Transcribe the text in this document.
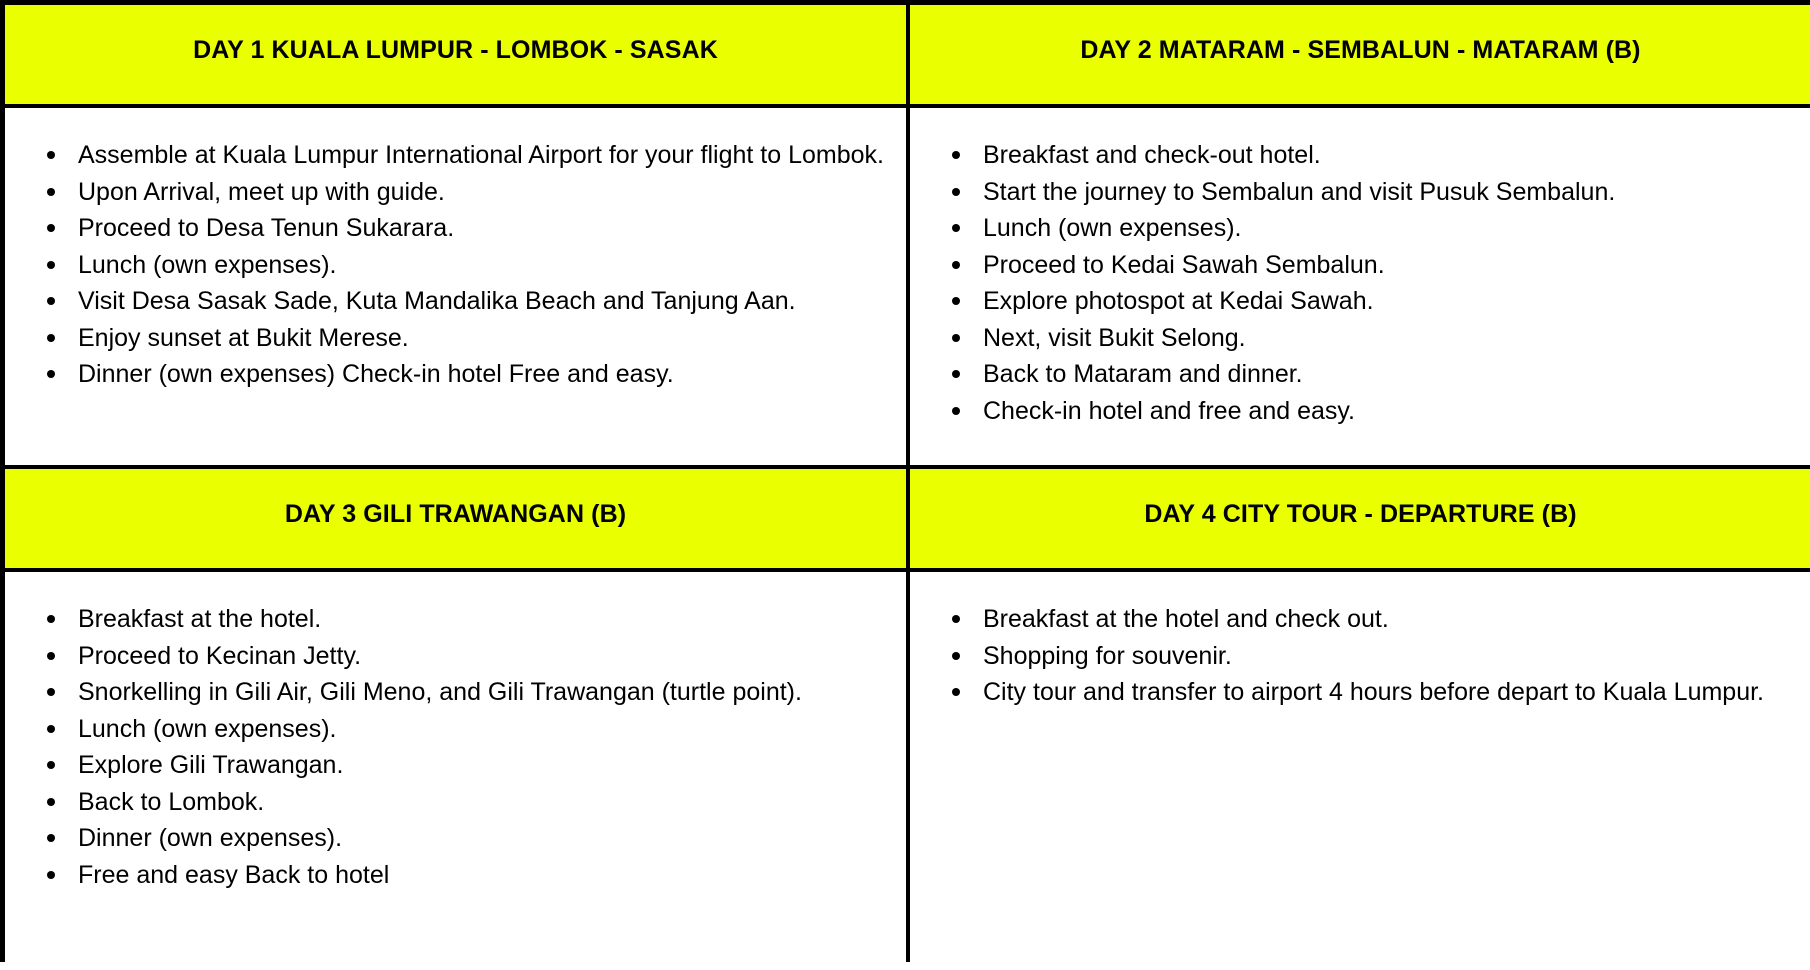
DAY 1 KUALA LUMPUR - LOMBOK - SASAK	DAY 2 MATARAM - SEMBALUN - MATARAM (B)
Assemble at Kuala Lumpur International Airport for your flight to Lombok.
Upon Arrival, meet up with guide.
Proceed to Desa Tenun Sukarara.
Lunch (own expenses).
Visit Desa Sasak Sade, Kuta Mandalika Beach and Tanjung Aan.
Enjoy sunset at Bukit Merese.
Dinner (own expenses) Check-in hotel Free and easy.
Breakfast and check-out hotel.
Start the journey to Sembalun and visit Pusuk Sembalun.
Lunch (own expenses).
Proceed to Kedai Sawah Sembalun.
Explore photospot at Kedai Sawah.
Next, visit Bukit Selong.
Back to Mataram and dinner.
Check-in hotel and free and easy.
DAY 3 GILI TRAWANGAN (B)	DAY 4 CITY TOUR - DEPARTURE (B)
Breakfast at the hotel.
Proceed to Kecinan Jetty.
Snorkelling in Gili Air, Gili Meno, and Gili Trawangan (turtle point).
Lunch (own expenses).
Explore Gili Trawangan.
Back to Lombok.
Dinner (own expenses).
Free and easy Back to hotel
Breakfast at the hotel and check out.
Shopping for souvenir.
City tour and transfer to airport 4 hours before depart to Kuala Lumpur.
